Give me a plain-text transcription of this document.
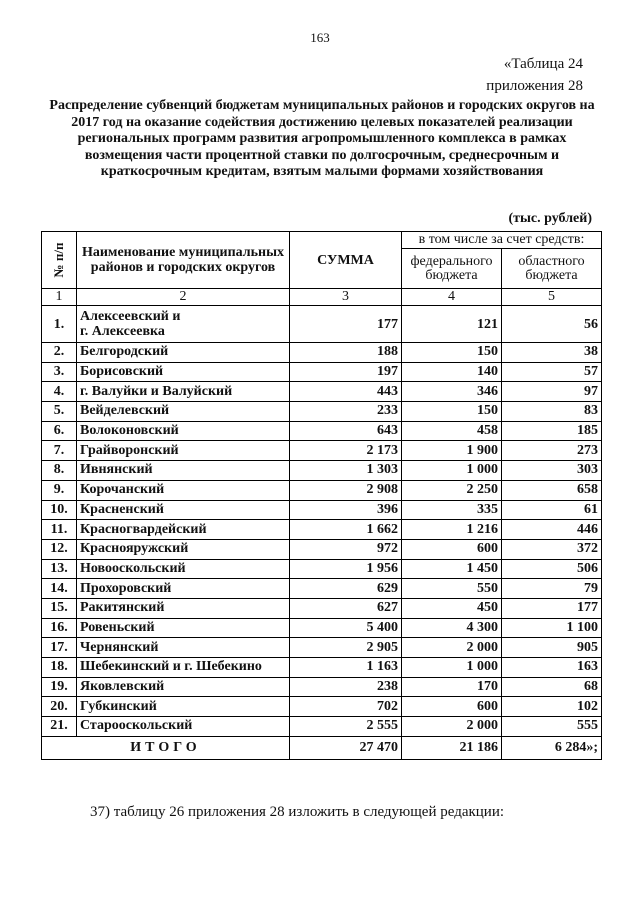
163
«Таблица 24
приложения 28
Распределение субвенций бюджетам муниципальных районов и городских округов на 2017 год на оказание содействия достижению целевых показателей реализации региональных программ развития агропромышленного комплекса в рамках возмещения части процентной ставки по долгосрочным, среднесрочным и краткосрочным кредитам, взятым малыми формами хозяйствования
(тыс. рублей)
№ п/п	Наименование муниципальных районов и городских округов	СУММА	в том числе за счет средств:	
			федерального бюджета	областного бюджета
1	2	3	4	5
1.	Алексеевский и
г. Алексеевка	177	121	56
2.	Белгородский	188	150	38
3.	Борисовский	197	140	57
4.	г. Валуйки и Валуйский	443	346	97
5.	Вейделевский	233	150	83
6.	Волоконовский	643	458	185
7.	Грайворонский	2 173	1 900	273
8.	Ивнянский	1 303	1 000	303
9.	Корочанский	2 908	2 250	658
10.	Красненский	396	335	61
11.	Красногвардейский	1 662	1 216	446
12.	Краснояружский	972	600	372
13.	Новооскольский	1 956	1 450	506
14.	Прохоровский	629	550	79
15.	Ракитянский	627	450	177
16.	Ровеньский	5 400	4 300	1 100
17.	Чернянский	2 905	2 000	905
18.	Шебекинский и г. Шебекино	1 163	1 000	163
19.	Яковлевский	238	170	68
20.	Губкинский	702	600	102
21.	Старооскольский	2 555	2 000	555
ИТОГО		27 470	21 186	6 284»;
37) таблицу 26 приложения 28 изложить в следующей редакции:
